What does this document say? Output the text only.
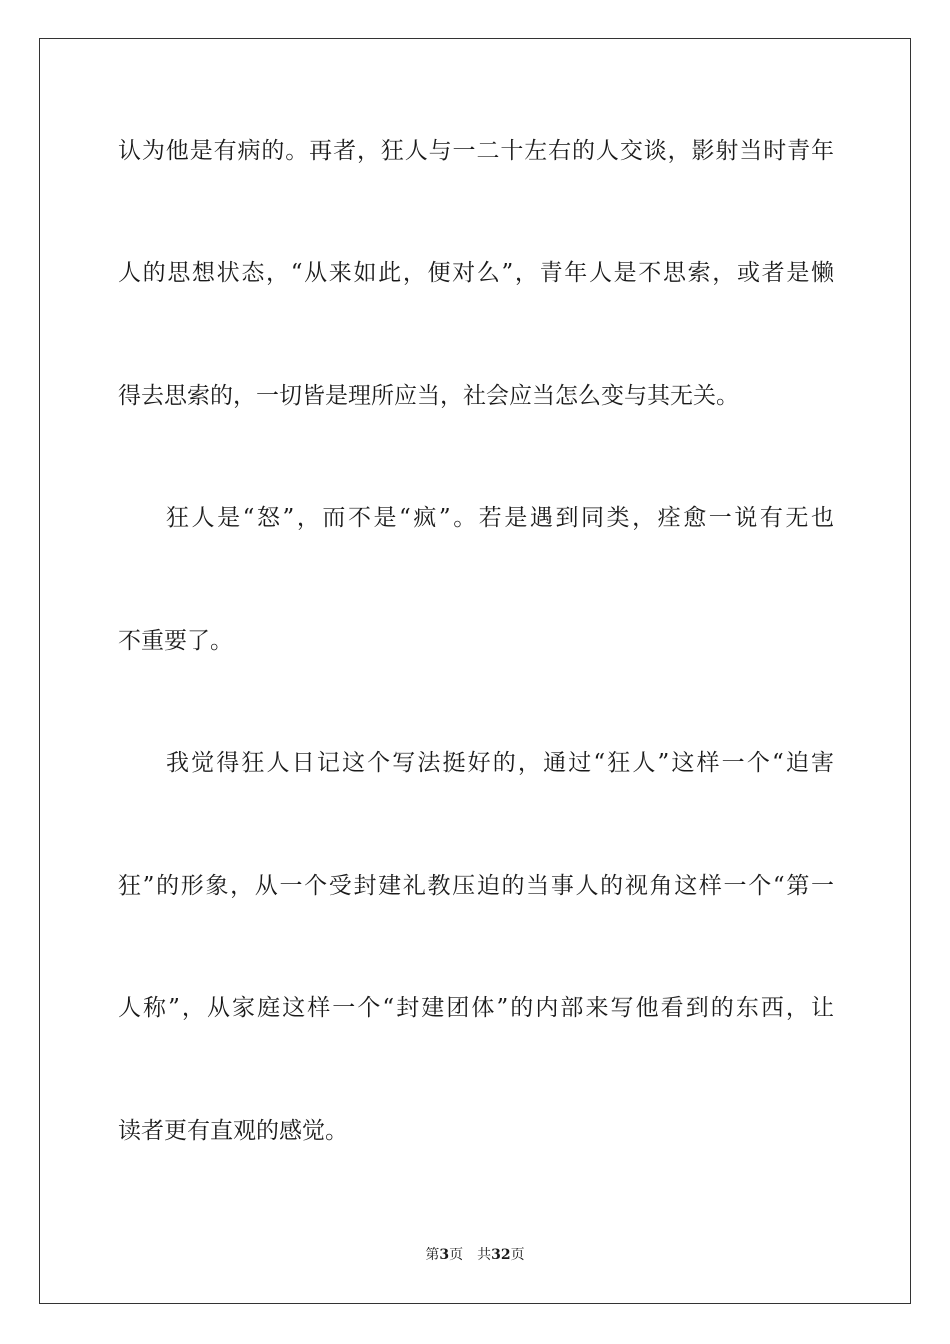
认为他是有病的。再者，狂人与一二十左右的人交谈，影射当时青年
人的思想状态，“从来如此，便对么”，青年人是不思索，或者是懒
得去思索的，一切皆是理所应当，社会应当怎么变与其无关。
狂人是“怒”，而不是“疯”。若是遇到同类，痊愈一说有无也
不重要了。
我觉得狂人日记这个写法挺好的，通过“狂人”这样一个“迫害
狂”的形象，从一个受封建礼教压迫的当事人的视角这样一个“第一
人称”，从家庭这样一个“封建团体”的内部来写他看到的东西，让
读者更有直观的感觉。
第3页 共32页
